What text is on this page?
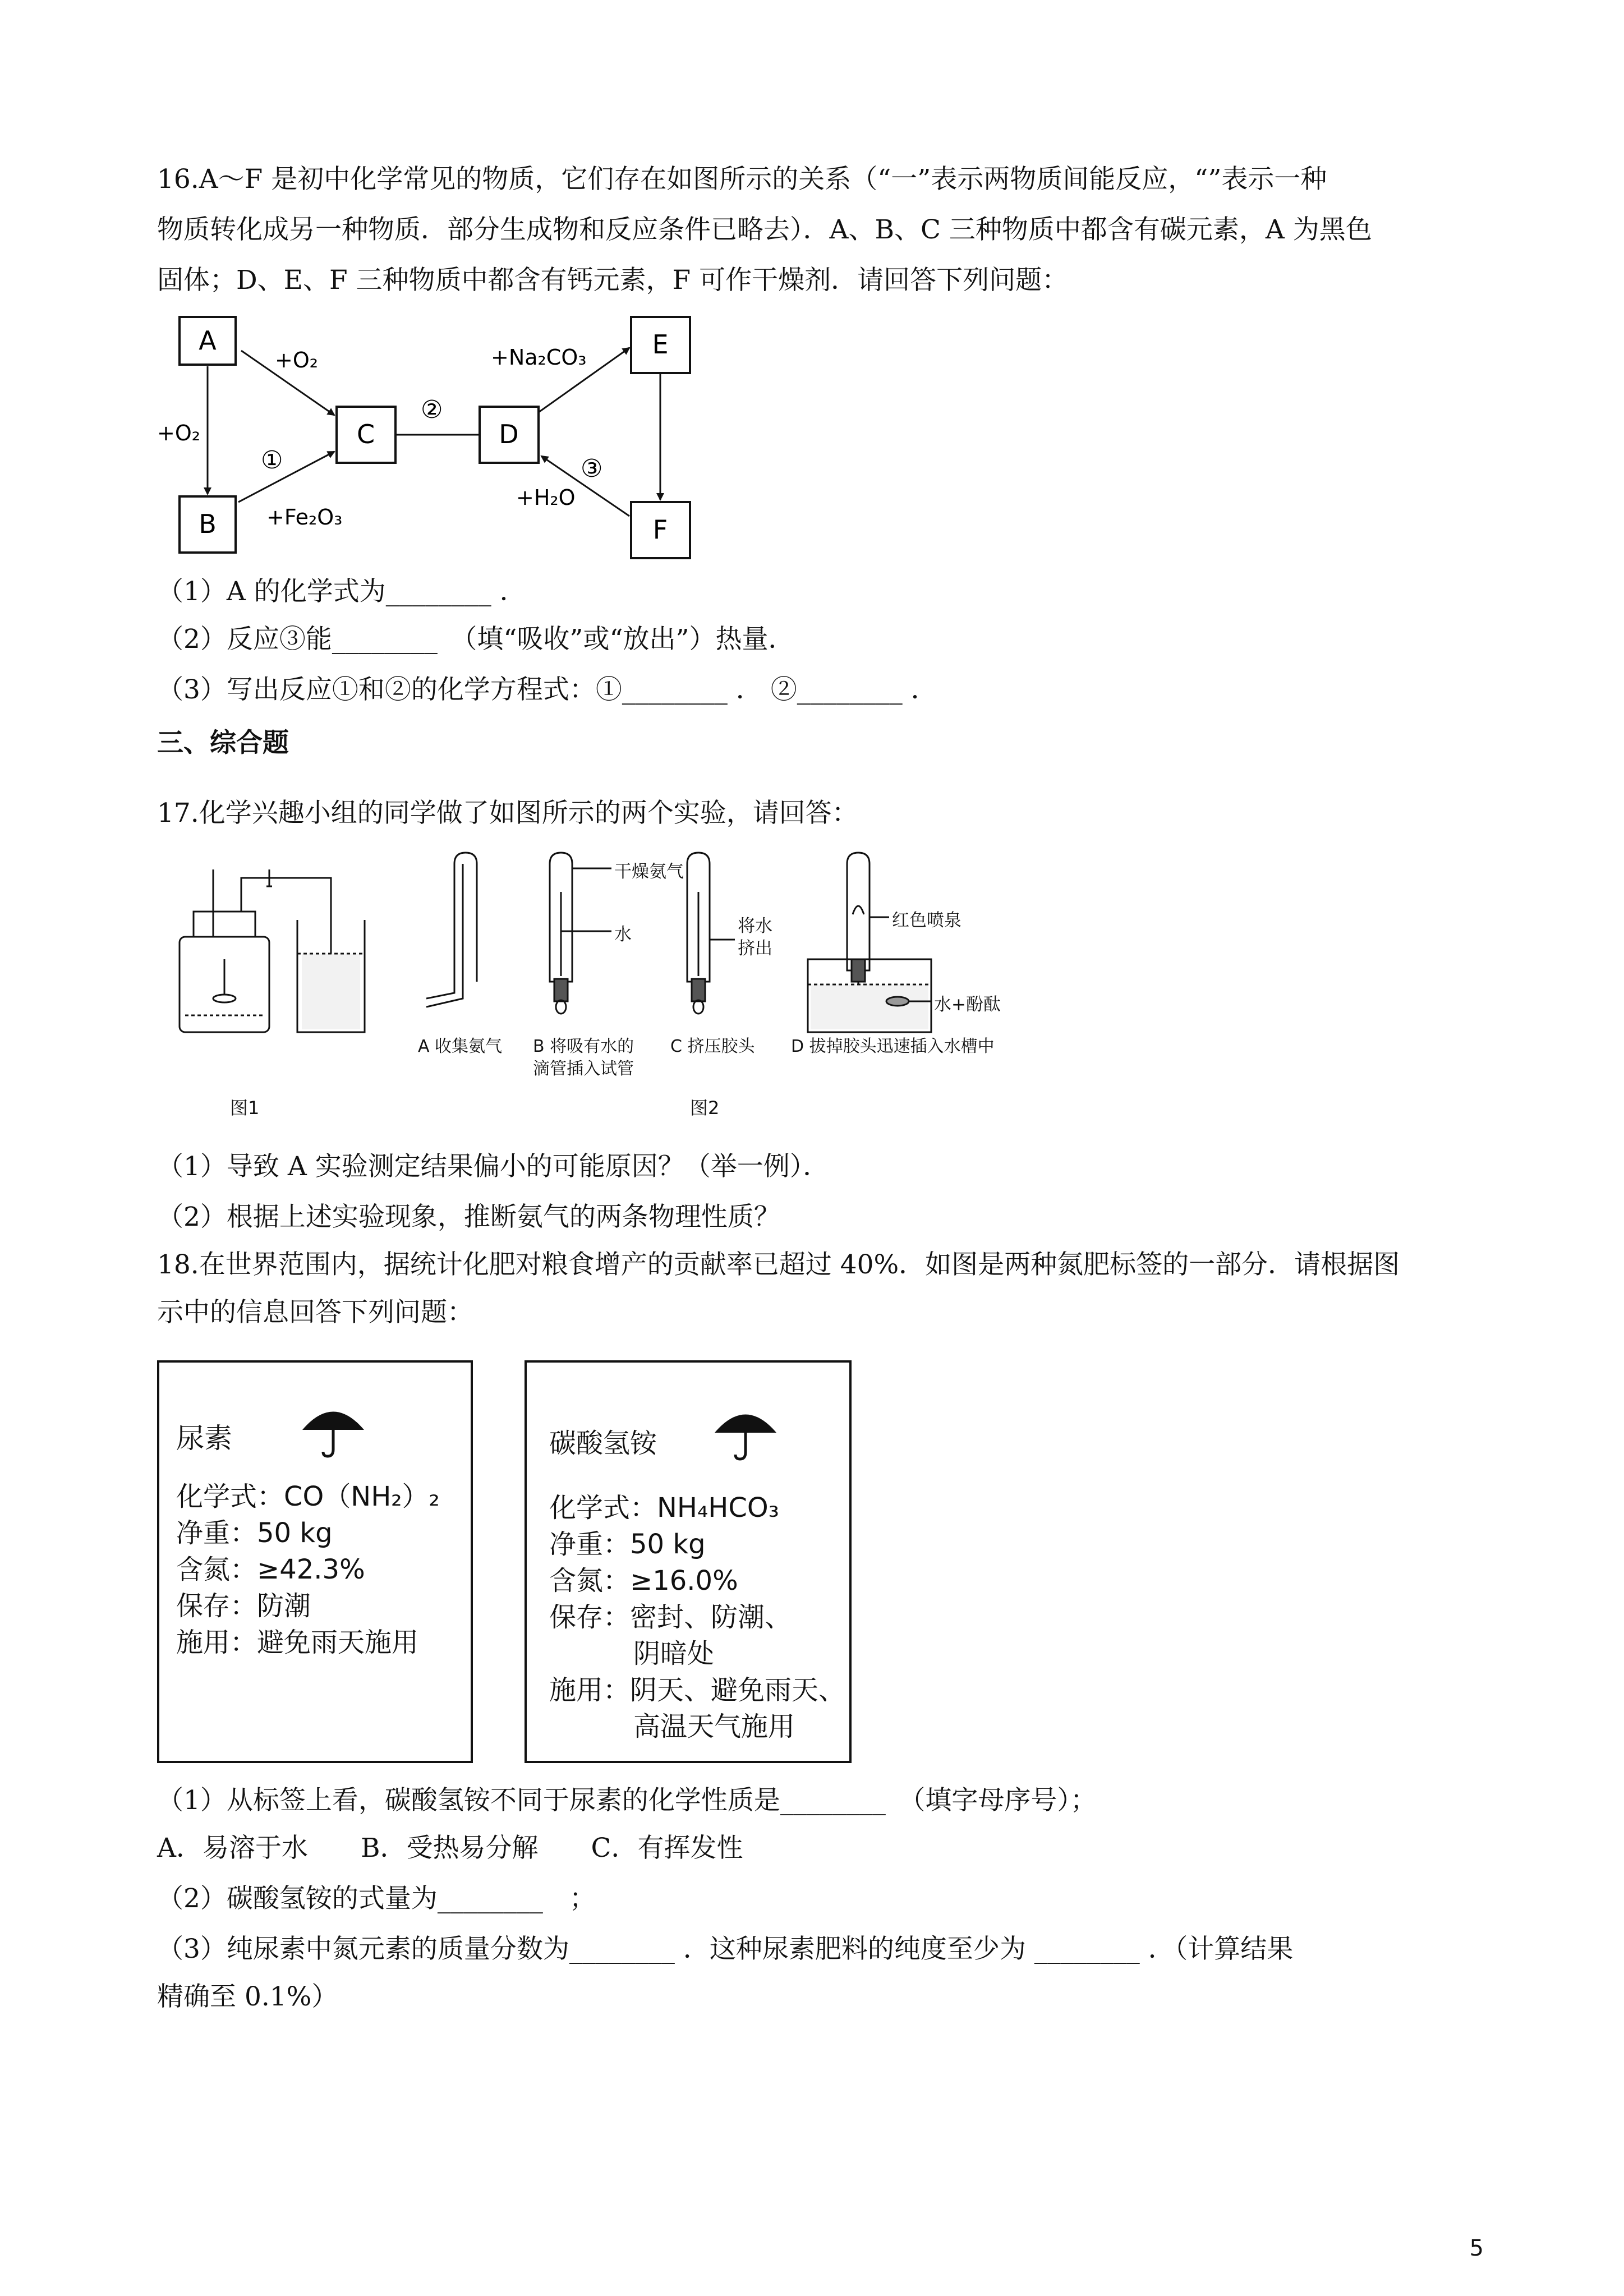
16.A～F 是初中化学常见的物质，它们存在如图所示的关系（“一”表示两物质间能反应，“”表示一种
物质转化成另一种物质．部分生成物和反应条件已略去）．A、B、C 三种物质中都含有碳元素，A 为黑色
固体；D、E、F 三种物质中都含有钙元素，F 可作干燥剂．请回答下列问题：
A
B
C	D
E
F
+O₂
+O₂
①
+Fe₂O₃
②
+Na₂CO₃
③
+H₂O
（1）A 的化学式为________ ．
（2）反应③能________　（填“吸收”或“放出”）热量．
（3）写出反应①和②的化学方程式：①________ ． ②________ ．
三、综合题
17.化学兴趣小组的同学做了如图所示的两个实验，请回答：
干燥氨气
水	将水
挤出
红色喷泉
水+酚酞
A 收集氨气 B 将吸有水的
滴管插入试管
C 挤压胶头 D 拔掉胶头迅速插入水槽中
图1	图2
（1）导致 A 实验测定结果偏小的可能原因？（举一例）．
（2）根据上述实验现象，推断氨气的两条物理性质？
18.在世界范围内，据统计化肥对粮食增产的贡献率已超过 40%．如图是两种氮肥标签的一部分．请根据图
示中的信息回答下列问题：
尿素
化学式：CO（NH₂）₂
净重：50 kg
含氮：≥42.3%
保存：防潮
施用：避免雨天施用
碳酸氢铵
化学式：NH₄HCO₃
净重：50 kg
含氮：≥16.0%
保存：密封、防潮、
阴暗处
施用：阴天、避免雨天、
高温天气施用
（1）从标签上看，碳酸氢铵不同于尿素的化学性质是________　（填字母序号）；
A．易溶于水　　B．受热易分解　　C．有挥发性
（2）碳酸氢铵的式量为________　；
（3）纯尿素中氮元素的质量分数为________ ．这种尿素肥料的纯度至少为 ________ ．（计算结果
精确至 0.1%）
5
